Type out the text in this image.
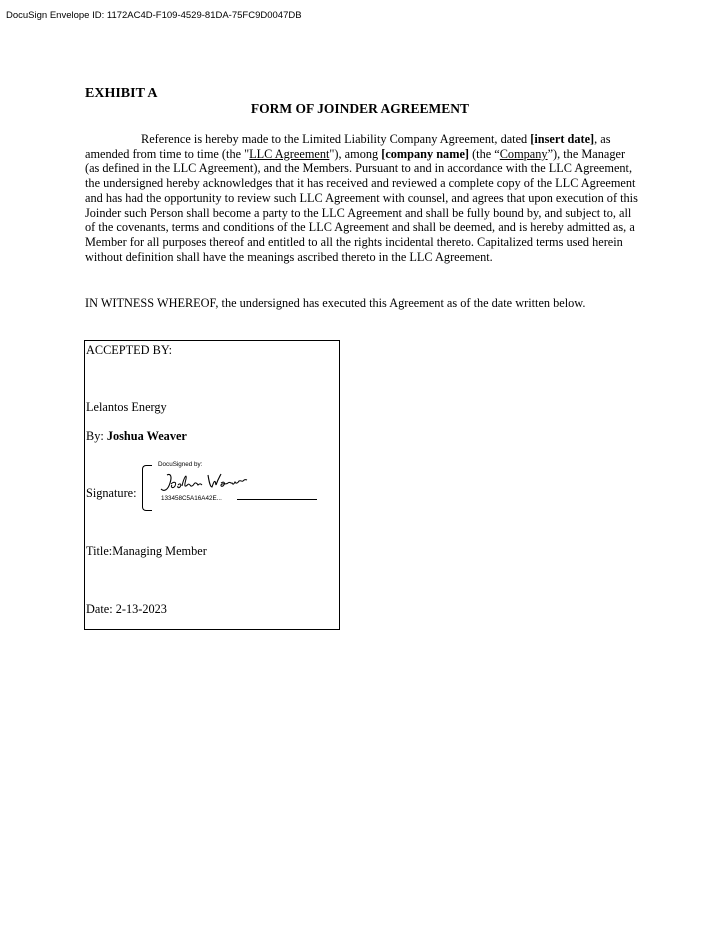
DocuSign Envelope ID: 1172AC4D-F109-4529-81DA-75FC9D0047DB
EXHIBIT A
FORM OF JOINDER AGREEMENT
Reference is hereby made to the Limited Liability Company Agreement, dated [insert date], as amended from time to time (the "LLC Agreement"), among [company name] (the “Company”), the Manager (as defined in the LLC Agreement), and the Members. Pursuant to and in accordance with the LLC Agreement, the undersigned hereby acknowledges that it has received and reviewed a complete copy of the LLC Agreement and has had the opportunity to review such LLC Agreement with counsel, and agrees that upon execution of this Joinder such Person shall become a party to the LLC Agreement and shall be fully bound by, and subject to, all of the covenants, terms and conditions of the LLC Agreement and shall be deemed, and is hereby admitted as, a Member for all purposes thereof and entitled to all the rights incidental thereto. Capitalized terms used herein without definition shall have the meanings ascribed thereto in the LLC Agreement.
IN WITNESS WHEREOF, the undersigned has executed this Agreement as of the date written below.
ACCEPTED BY:
Lelantos Energy
By: Joshua Weaver
Signature:
DocuSigned by:
133458C5A16A42E...
Title:Managing Member
Date: 2-13-2023
